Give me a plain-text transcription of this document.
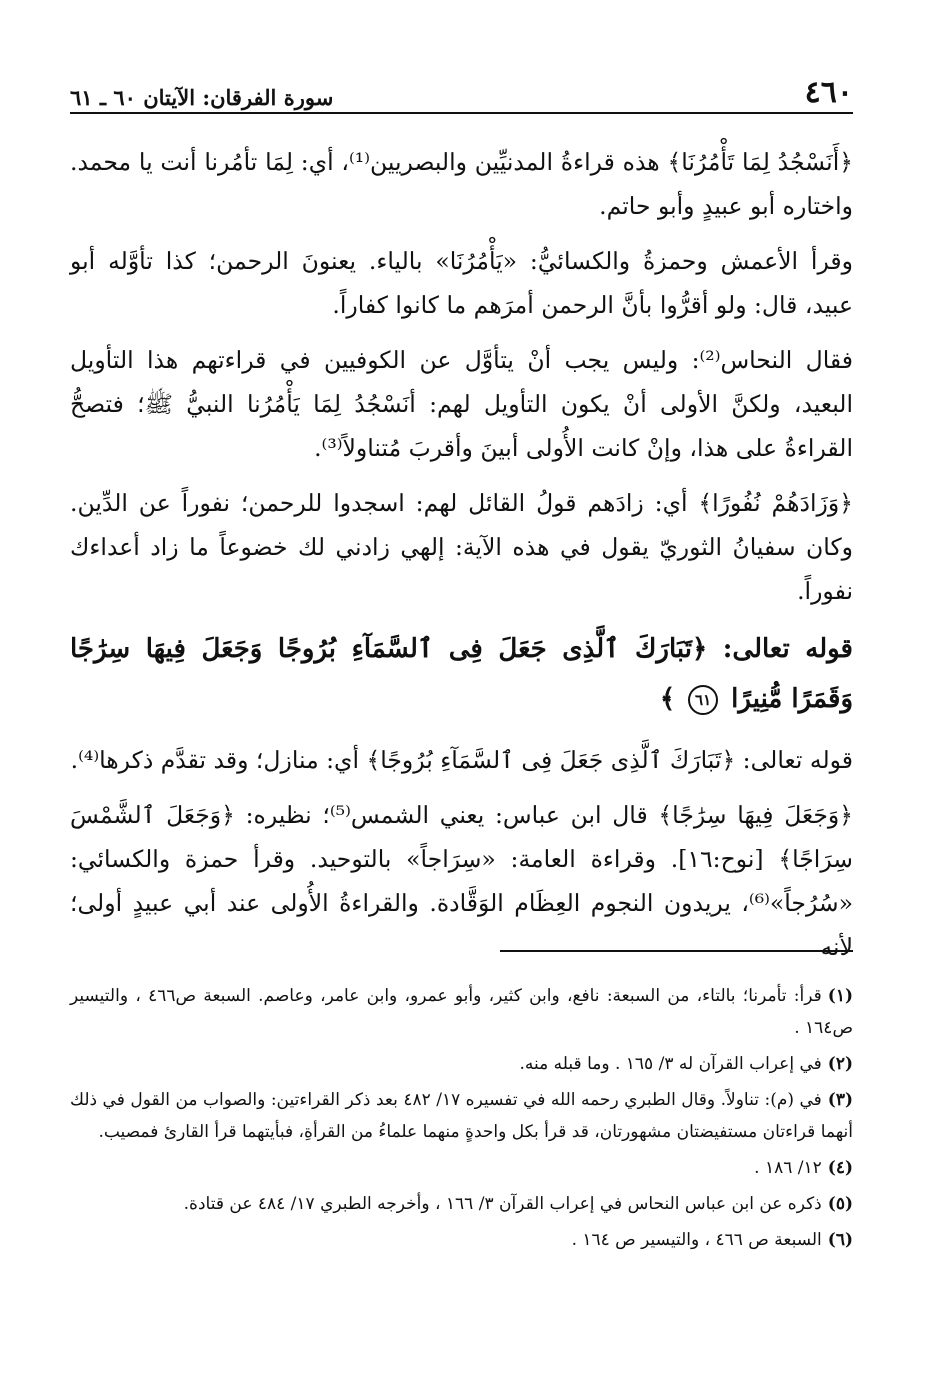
٤٦٠
سورة الفرقان: الآيتان ٦٠ ـ ٦١

﴿أَنَسْجُدُ لِمَا تَأْمُرُنَا﴾ هذه قراءةُ المدنيِّين والبصريين⁽¹⁾، أي: لِمَا تأمُرنا أنت يا محمد. واختاره أبو عبيدٍ وأبو حاتم.

وقرأ الأعمش وحمزةُ والكسائيُّ: «يَأْمُرُنَا» بالياء. يعنونَ الرحمن؛ كذا تأوَّله أبو عبيد، قال: ولو أقرُّوا بأنَّ الرحمن أمرَهم ما كانوا كفاراً.

فقال النحاس⁽²⁾: وليس يجب أنْ يتأوَّل عن الكوفيين في قراءتهم هذا التأويل البعيد، ولكنَّ الأولى أنْ يكون التأويل لهم: أنَسْجُدُ لِمَا يَأْمُرُنا النبيُّ ﷺ؛ فتصحُّ القراءةُ على هذا، وإنْ كانت الأُولى أبينَ وأقربَ مُتناولاً⁽³⁾.

﴿وَزَادَهُمْ نُفُورًا﴾ أي: زادَهم قولُ القائل لهم: اسجدوا للرحمن؛ نفوراً عن الدِّين. وكان سفيانُ الثوريّ يقول في هذه الآية: إلهي زادني لك خضوعاً ما زاد أعداءك نفوراً.

قوله تعالى: ﴿تَبَارَكَ ٱلَّذِى جَعَلَ فِى ٱلسَّمَآءِ بُرُوجًا وَجَعَلَ فِيهَا سِرَٰجًا وَقَمَرًا مُّنِيرًا ٦١ ﴾

قوله تعالى: ﴿تَبَارَكَ ٱلَّذِى جَعَلَ فِى ٱلسَّمَآءِ بُرُوجًا﴾ أي: منازل؛ وقد تقدَّم ذكرها⁽⁴⁾.

﴿وَجَعَلَ فِيهَا سِرَٰجًا﴾ قال ابن عباس: يعني الشمس⁽⁵⁾؛ نظيره: ﴿وَجَعَلَ ٱلشَّمْسَ سِرَاجًا﴾ [نوح:١٦]. وقراءة العامة: «سِرَاجاً» بالتوحيد. وقرأ حمزة والكسائي: «سُرُجاً»⁽⁶⁾، يريدون النجوم العِظَام الوَقَّادة. والقراءةُ الأُولى عند أبي عبيدٍ أولى؛ لأنه

(١)قرأ: تأمرنا؛ بالتاء، من السبعة: نافع، وابن كثير، وأبو عمرو، وابن عامر، وعاصم. السبعة ص٤٦٦ ، والتيسير ص١٦٤ .
(٢)في إعراب القرآن له ٣/ ١٦٥ . وما قبله منه.
(٣)في (م): تناولاً. وقال الطبري رحمه الله في تفسيره ١٧/ ٤٨٢ بعد ذكر القراءتين: والصواب من القول في ذلك أنهما قراءتان مستفيضتان مشهورتان، قد قرأ بكل واحدةٍ منهما علماءُ من القرأةِ، فبأيتهما قرأ القارئ فمصيب.
(٤)١٢/ ١٨٦ .
(٥)ذكره عن ابن عباس النحاس في إعراب القرآن ٣/ ١٦٦ ، وأخرجه الطبري ١٧/ ٤٨٤ عن قتادة.
(٦)السبعة ص ٤٦٦ ، والتيسير ص ١٦٤ .
